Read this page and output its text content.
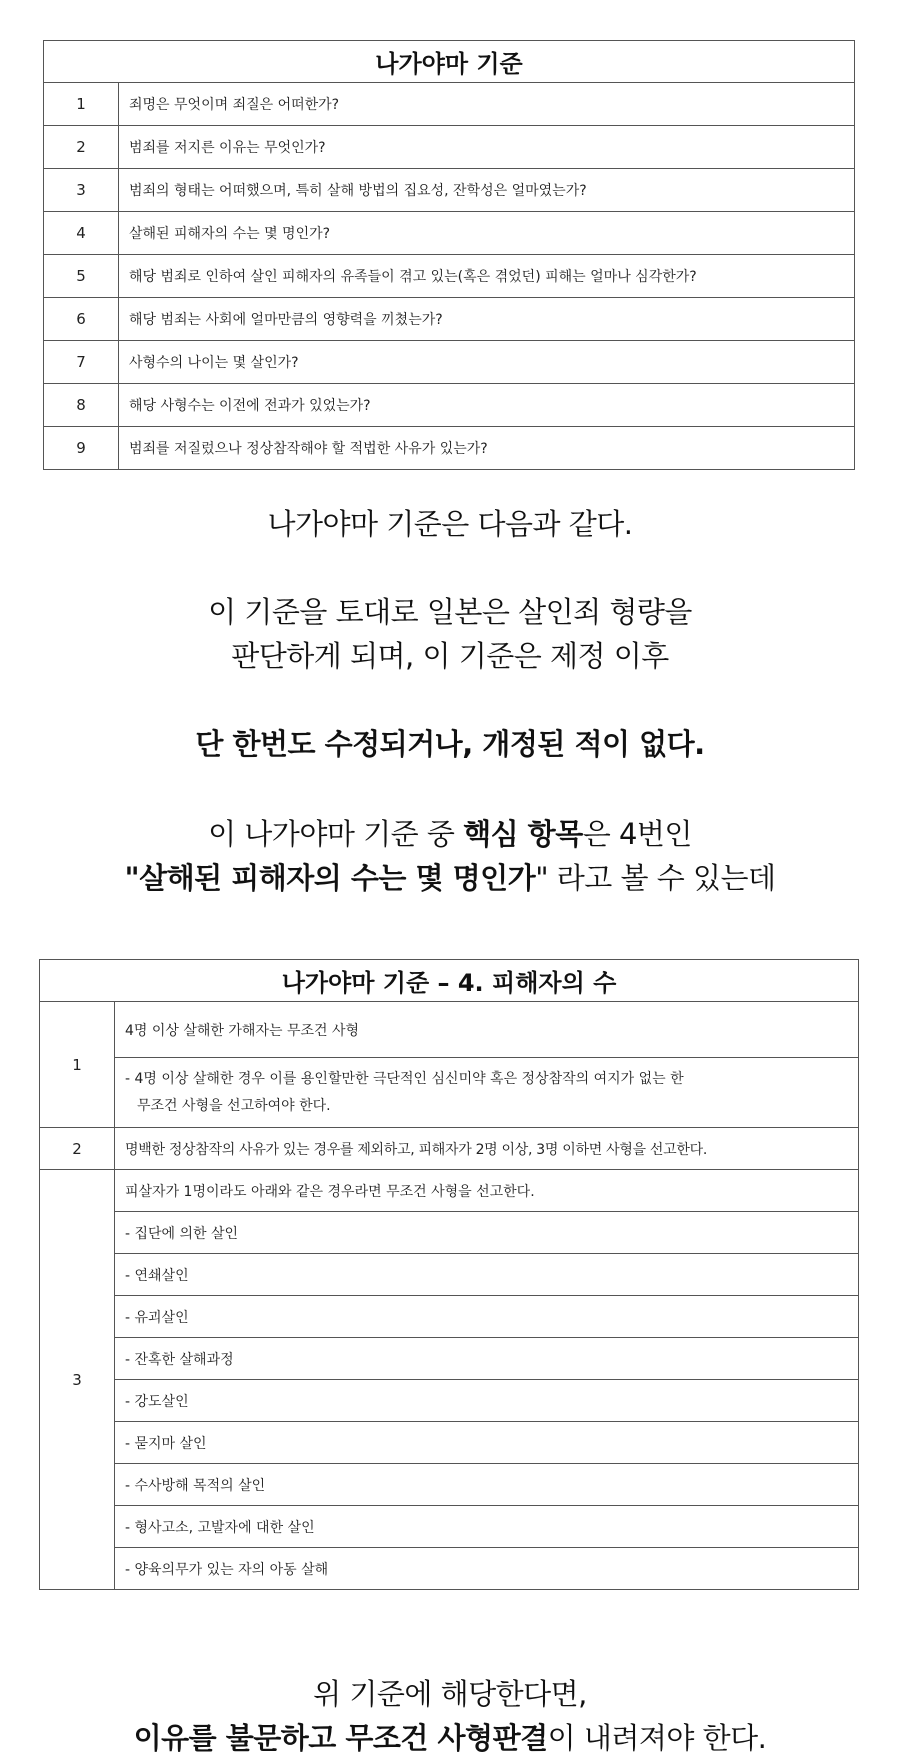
나가야마 기준	
1	죄명은 무엇이며 죄질은 어떠한가?
2	범죄를 저지른 이유는 무엇인가?
3	범죄의 형태는 어떠했으며, 특히 살해 방법의 집요성, 잔학성은 얼마였는가?
4	살해된 피해자의 수는 몇 명인가?
5	해당 범죄로 인하여 살인 피해자의 유족들이 겪고 있는(혹은 겪었던) 피해는 얼마나 심각한가?
6	해당 범죄는 사회에 얼마만큼의 영향력을 끼쳤는가?
7	사형수의 나이는 몇 살인가?
8	해당 사형수는 이전에 전과가 있었는가?
9	범죄를 저질렀으나 정상참작해야 할 적법한 사유가 있는가?
나가야마 기준은 다음과 같다.
이 기준을 토대로 일본은 살인죄 형량을
판단하게 되며, 이 기준은 제정 이후
단 한번도 수정되거나, 개정된 적이 없다.
이 나가야마 기준 중 핵심 항목은 4번인
"살해된 피해자의 수는 몇 명인가" 라고 볼 수 있는데
나가야마 기준 – 4. 피해자의 수	
1	4명 이상 살해한 가해자는 무조건 사형

	- 4명 이상 살해한 경우 이를 용인할만한 극단적인 심신미약 혹은 정상참작의 여지가 없는 한
무조건 사형을 선고하여야 한다.

2	명백한 정상참작의 사유가 있는 경우를 제외하고, 피해자가 2명 이상, 3명 이하면 사형을 선고한다.
3	피살자가 1명이라도 아래와 같은 경우라면 무조건 사형을 선고한다.
	- 집단에 의한 살인
	- 연쇄살인
	- 유괴살인
	- 잔혹한 살해과정
	- 강도살인
	- 묻지마 살인
	- 수사방해 목적의 살인
	- 형사고소, 고발자에 대한 살인
	- 양육의무가 있는 자의 아동 살해
위 기준에 해당한다면,
이유를 불문하고 무조건 사형판결이 내려져야 한다.
